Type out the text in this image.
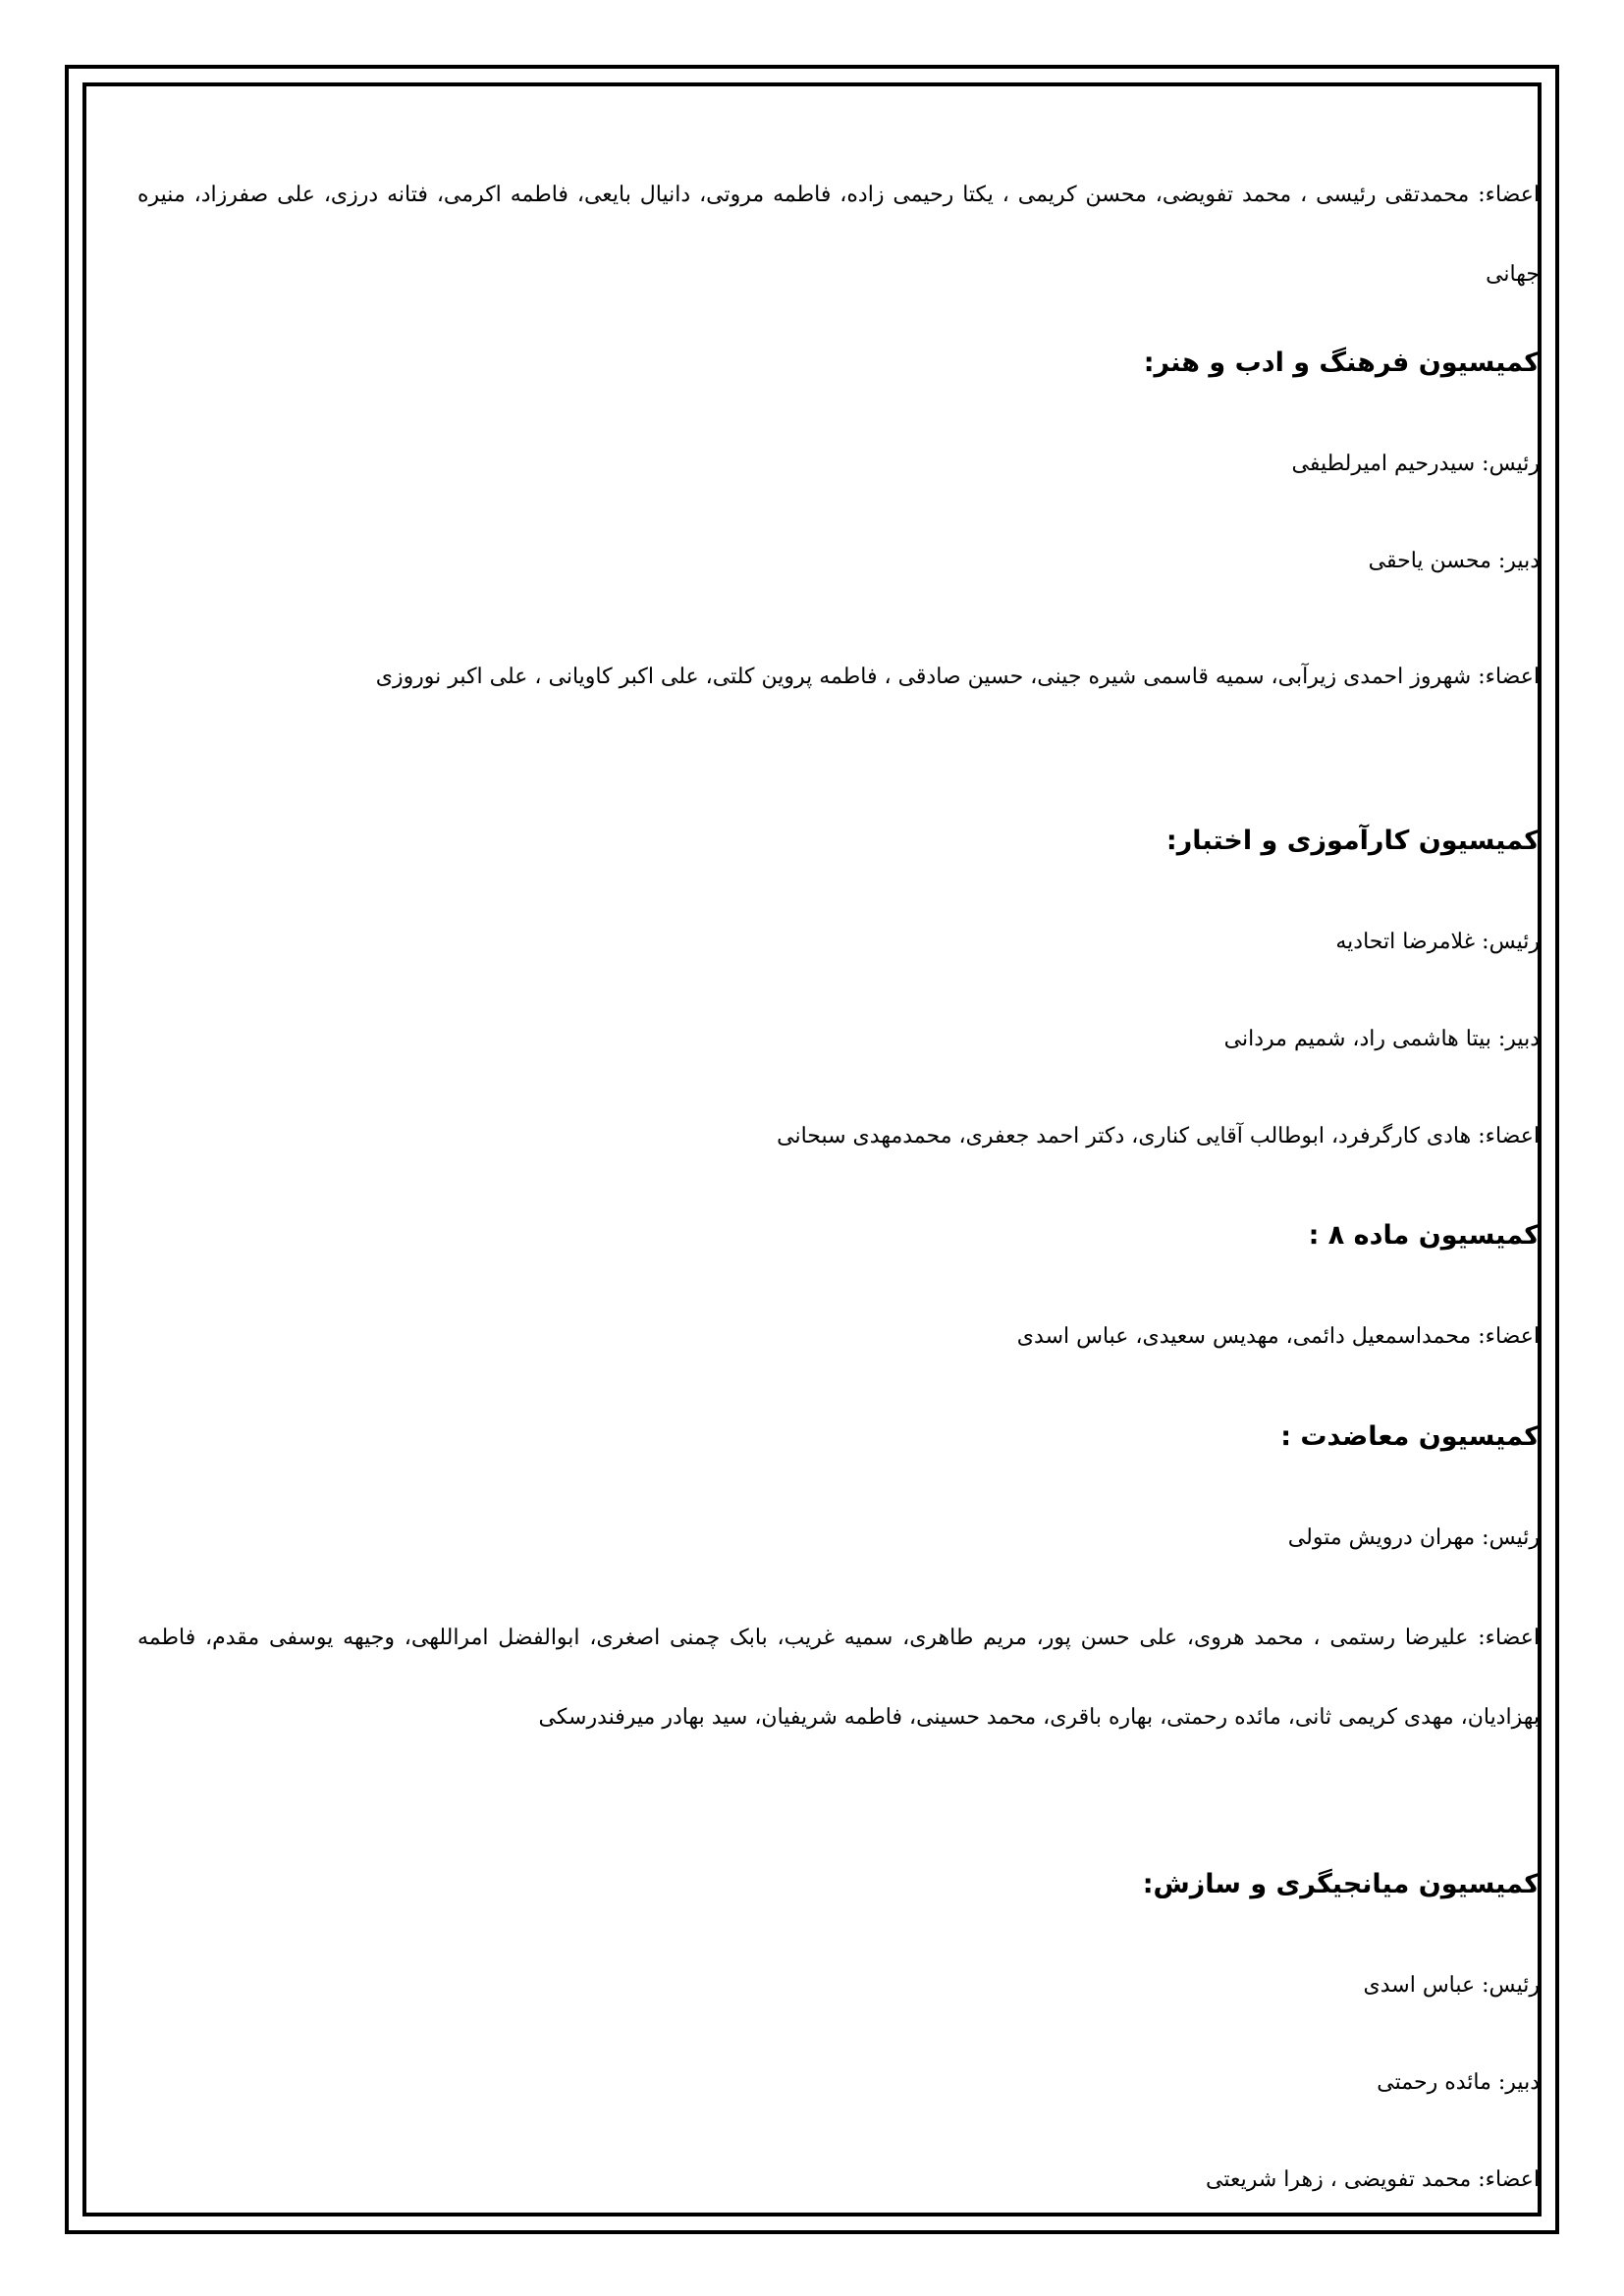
اعضاء: محمدتقی رئیسی ، محمد تفویضی، محسن کریمی ، یکتا رحیمی زاده، فاطمه مروتی، دانیال بایعی، فاطمه اکرمی، فتانه درزی، علی صفرزاد، منیره جهانی

کمیسیون فرهنگ و ادب و هنر:

رئیس: سیدرحیم امیرلطیفی

دبیر: محسن یاحقی

اعضاء: شهروز احمدی زیرآبی، سمیه قاسمی شیره جینی، حسین صادقی ، فاطمه پروین کلتی، علی اکبر کاویانی ، علی اکبر نوروزی

کمیسیون کارآموزی و اختبار:

رئیس: غلامرضا اتحادیه

دبیر: بیتا هاشمی راد، شمیم مردانی

اعضاء: هادی کارگرفرد، ابوطالب آقایی کناری، دکتر احمد جعفری، محمدمهدی سبحانی

کمیسیون ماده ۸ :

اعضاء: محمداسمعیل دائمی، مهدیس سعیدی، عباس اسدی

کمیسیون معاضدت :

رئیس: مهران درویش متولی

اعضاء: علیرضا رستمی ، محمد هروی، علی حسن پور، مریم طاهری، سمیه غریب، بابک چمنی اصغری، ابوالفضل امراللهی، وجیهه یوسفی مقدم، فاطمه بهزادیان، مهدی کریمی ثانی، مائده رحمتی، بهاره باقری، محمد حسینی، فاطمه شریفیان، سید بهادر میرفندرسکی

کمیسیون میانجیگری و سازش:

رئیس: عباس اسدی

دبیر: مائده رحمتی

اعضاء: محمد تفویضی ، زهرا شریعتی
